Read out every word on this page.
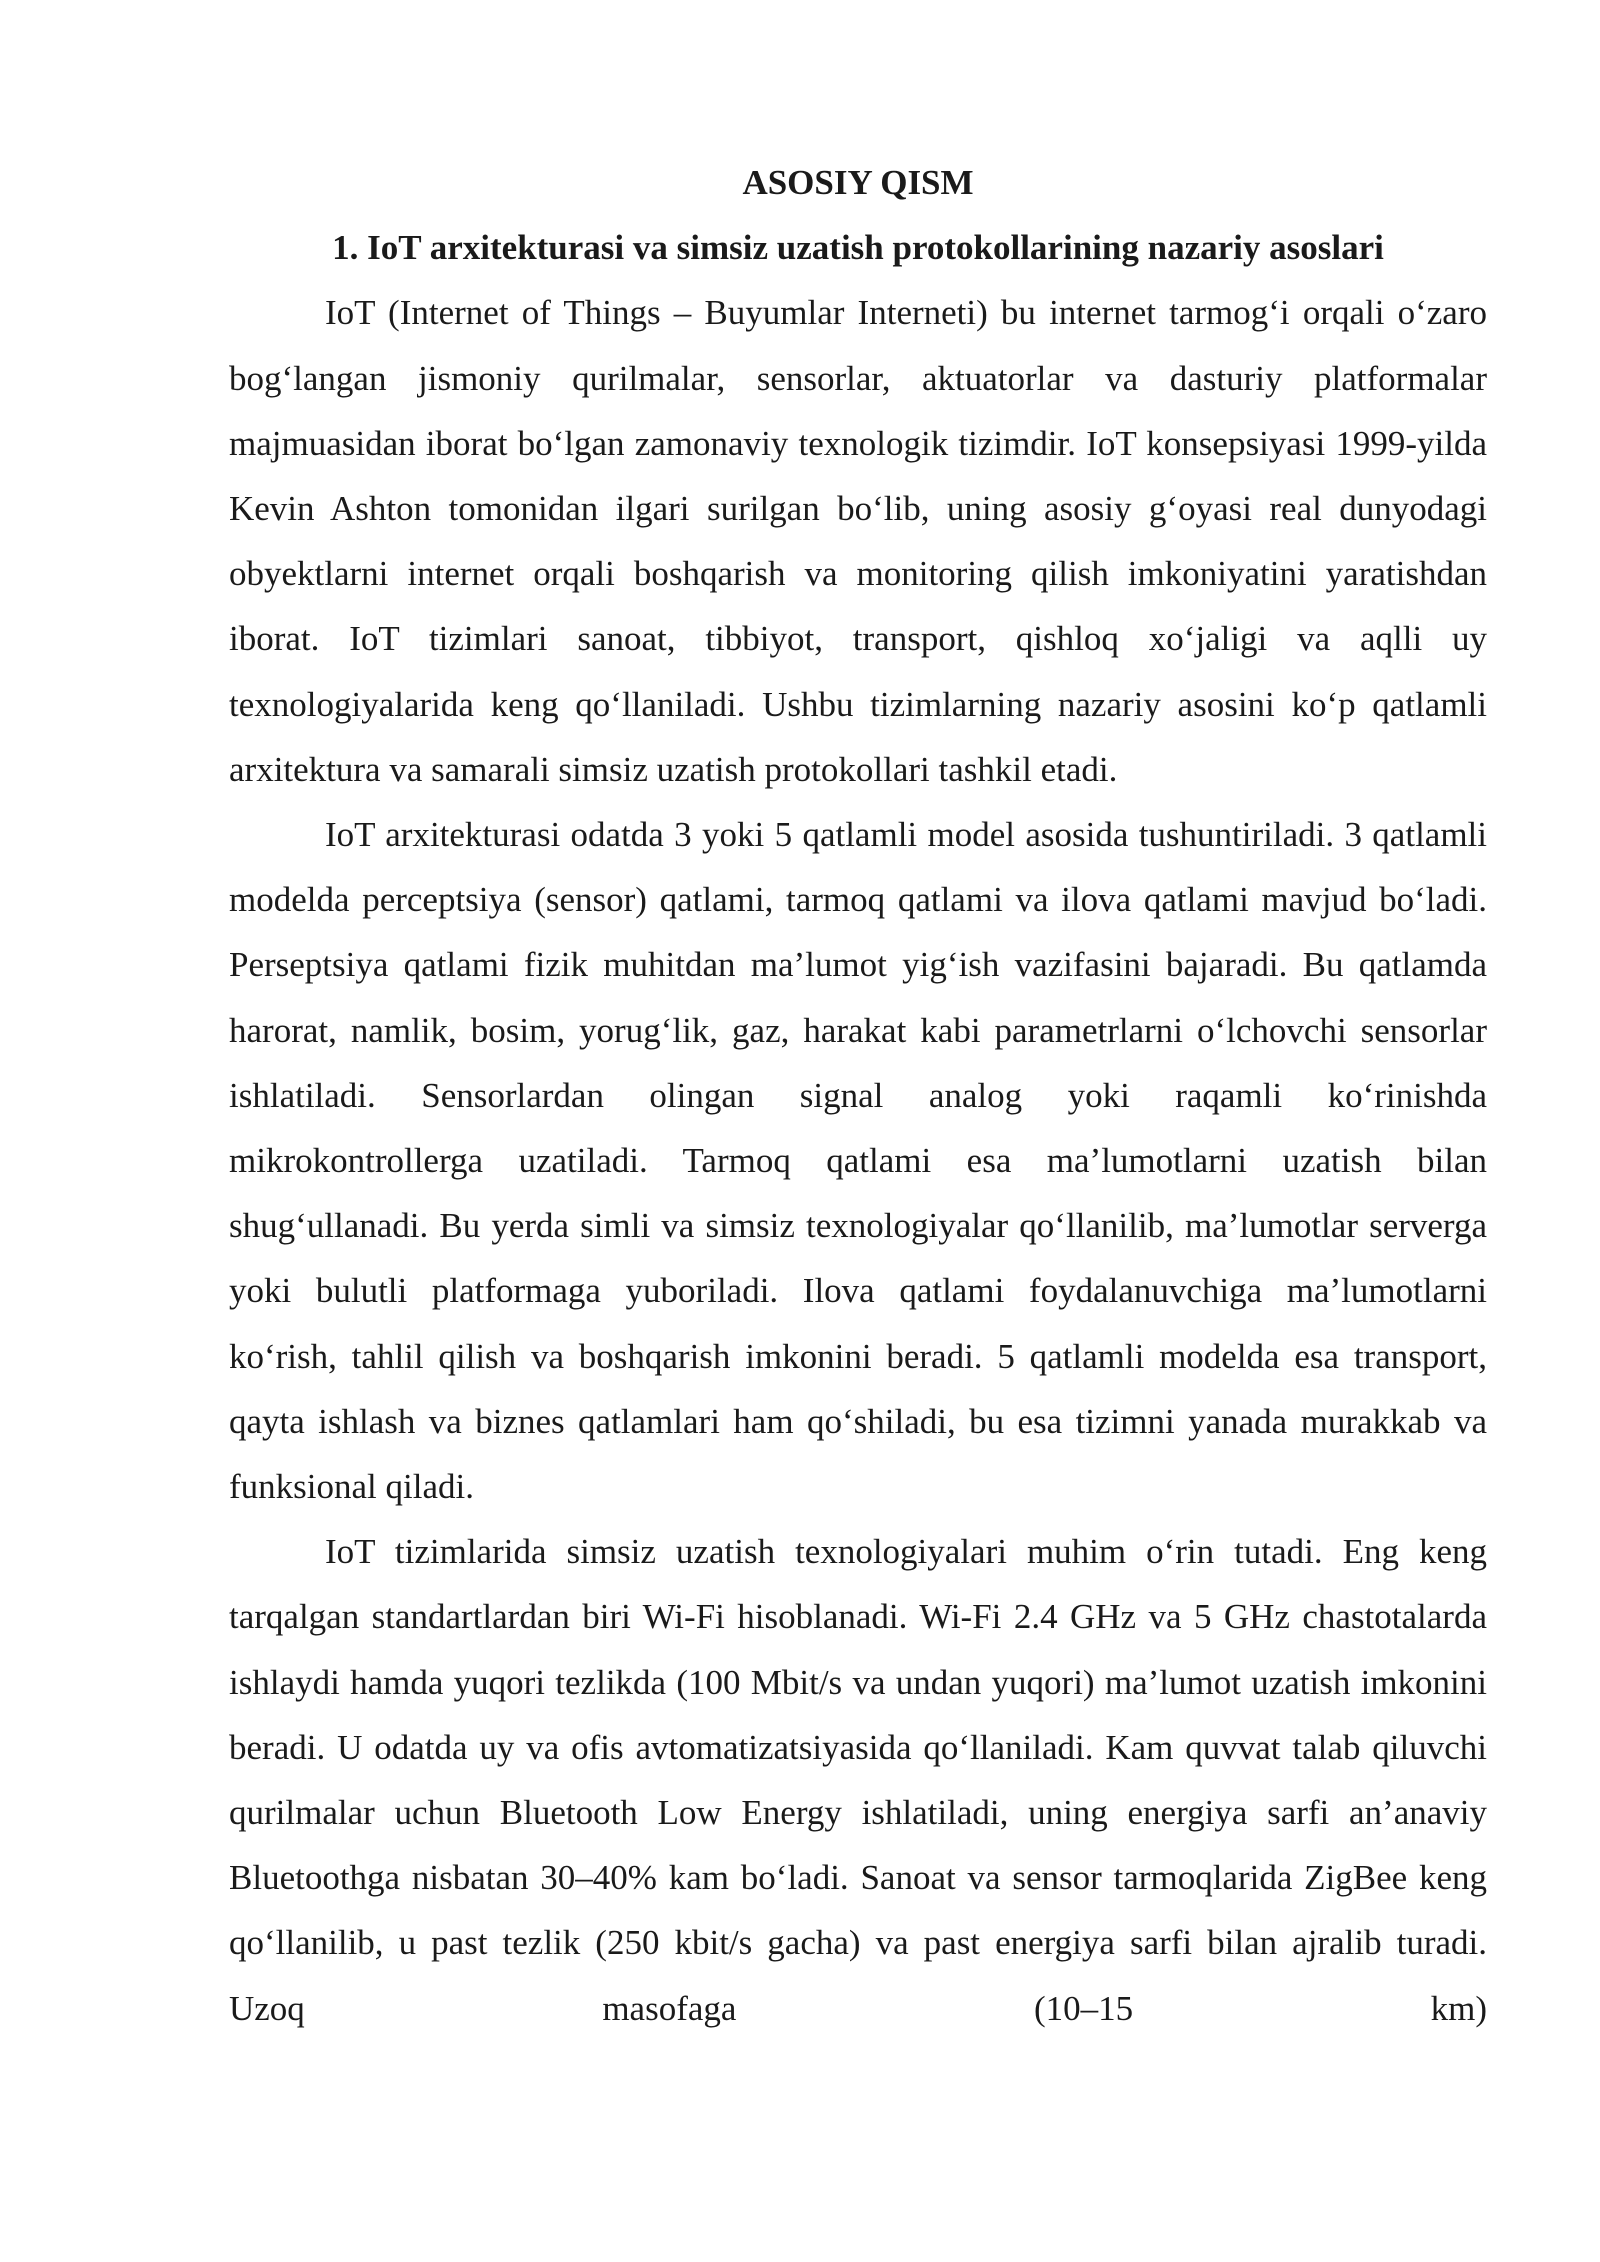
ASOSIY QISM

1. IoT arxitekturasi va simsiz uzatish protokollarining nazariy asoslari

IoT (Internet of Things – Buyumlar Interneti) bu internet tarmog‘i orqali o‘zaro bog‘langan jismoniy qurilmalar, sensorlar, aktuatorlar va dasturiy platformalar majmuasidan iborat bo‘lgan zamonaviy texnologik tizimdir. IoT konsepsiyasi 1999-yilda Kevin Ashton tomonidan ilgari surilgan bo‘lib, uning asosiy g‘oyasi real dunyodagi obyektlarni internet orqali boshqarish va monitoring qilish imkoniyatini yaratishdan iborat. IoT tizimlari sanoat, tibbiyot, transport, qishloq xo‘jaligi va aqlli uy texnologiyalarida keng qo‘llaniladi. Ushbu tizimlarning nazariy asosini ko‘p qatlamli arxitektura va samarali simsiz uzatish protokollari tashkil etadi.

IoT arxitekturasi odatda 3 yoki 5 qatlamli model asosida tushuntiriladi. 3 qatlamli modelda perceptsiya (sensor) qatlami, tarmoq qatlami va ilova qatlami mavjud bo‘ladi. Perseptsiya qatlami fizik muhitdan ma’lumot yig‘ish vazifasini bajaradi. Bu qatlamda harorat, namlik, bosim, yorug‘lik, gaz, harakat kabi parametrlarni o‘lchovchi sensorlar ishlatiladi. Sensorlardan olingan signal analog yoki raqamli ko‘rinishda mikrokontrollerga uzatiladi. Tarmoq qatlami esa ma’lumotlarni uzatish bilan shug‘ullanadi. Bu yerda simli va simsiz texnologiyalar qo‘llanilib, ma’lumotlar serverga yoki bulutli platformaga yuboriladi. Ilova qatlami foydalanuvchiga ma’lumotlarni ko‘rish, tahlil qilish va boshqarish imkonini beradi. 5 qatlamli modelda esa transport, qayta ishlash va biznes qatlamlari ham qo‘shiladi, bu esa tizimni yanada murakkab va funksional qiladi.

IoT tizimlarida simsiz uzatish texnologiyalari muhim o‘rin tutadi. Eng keng tarqalgan standartlardan biri Wi-Fi hisoblanadi. Wi-Fi 2.4 GHz va 5 GHz chastotalarda ishlaydi hamda yuqori tezlikda (100 Mbit/s va undan yuqori) ma’lumot uzatish imkonini beradi. U odatda uy va ofis avtomatizatsiyasida qo‘llaniladi. Kam quvvat talab qiluvchi qurilmalar uchun Bluetooth Low Energy ishlatiladi, uning energiya sarfi an’anaviy Bluetoothga nisbatan 30–40% kam bo‘ladi. Sanoat va sensor tarmoqlarida ZigBee keng qo‘llanilib, u past tezlik (250 kbit/s gacha) va past energiya sarfi bilan ajralib turadi. Uzoq masofaga (10–15 km)
